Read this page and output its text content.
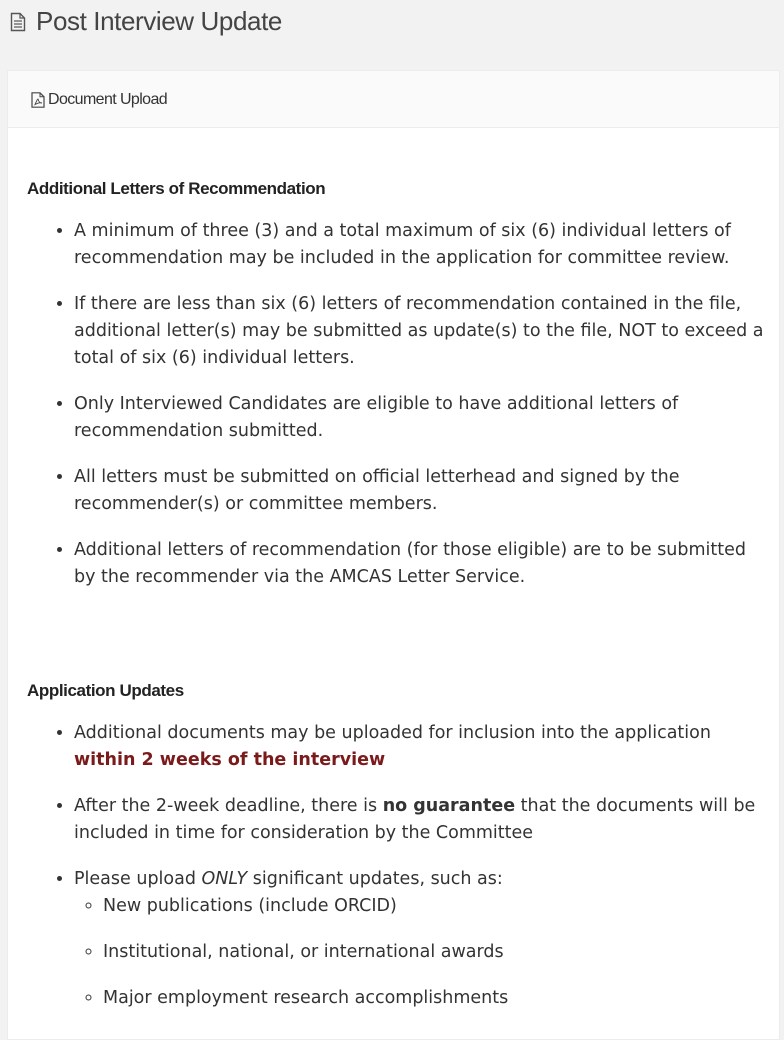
Post Interview Update
Document Upload
Additional Letters of Recommendation
• A minimum of three (3) and a total maximum of six (6) individual letters of recommendation may be included in the application for committee review.
• If there are less than six (6) letters of recommendation contained in the file, additional letter(s) may be submitted as update(s) to the file, NOT to exceed a total of six (6) individual letters.
• Only Interviewed Candidates are eligible to have additional letters of recommendation submitted.
• All letters must be submitted on official letterhead and signed by the recommender(s) or committee members.
• Additional letters of recommendation (for those eligible) are to be submitted by the recommender via the AMCAS Letter Service.
Application Updates
• Additional documents may be uploaded for inclusion into the application within 2 weeks of the interview
• After the 2-week deadline, there is no guarantee that the documents will be included in time for consideration by the Committee
• Please upload ONLY significant updates, such as:
◦ New publications (include ORCID)
◦ Institutional, national, or international awards
◦ Major employment research accomplishments
